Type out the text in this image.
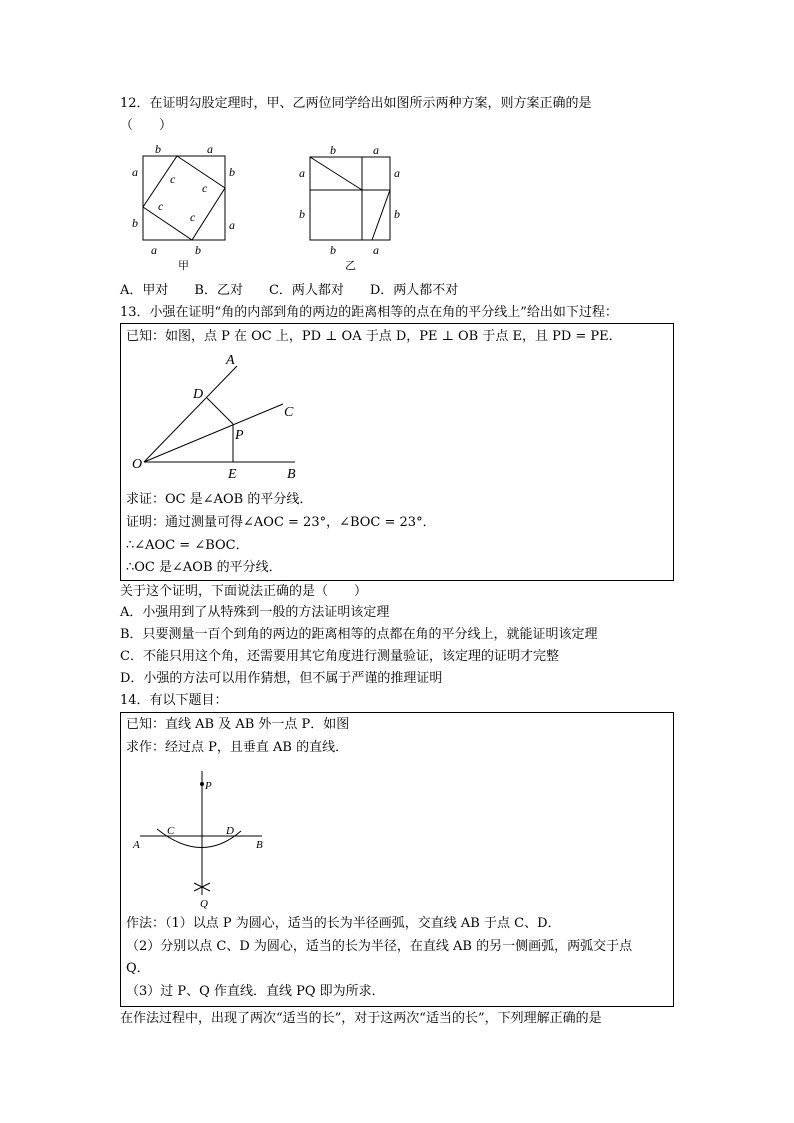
12．在证明勾股定理时，甲、乙两位同学给出如图所示两种方案，则方案正确的是
（　　）
b	a
a
b
b
a
a	b
c
c
c
c
甲
b	a
a
b
a
b
b	a
乙
A．甲对　　B．乙对　　C．两人都对　　D．两人都不对
13．小强在证明“角的内部到角的两边的距离相等的点在角的平分线上”给出如下过程：
已知：如图，点 P 在 OC 上，PD ⊥ OA 于点 D，PE ⊥ OB 于点 E，且 PD = PE．
A
D
C
P
O
E	B
求证：OC 是∠AOB 的平分线．
证明：通过测量可得∠AOC = 23°，∠BOC = 23°．
∴∠AOC = ∠BOC．
∴OC 是∠AOB 的平分线．
关于这个证明，下面说法正确的是（　　）
A．小强用到了从特殊到一般的方法证明该定理
B．只要测量一百个到角的两边的距离相等的点都在角的平分线上，就能证明该定理
C．不能只用这个角，还需要用其它角度进行测量验证，该定理的证明才完整
D．小强的方法可以用作猜想，但不属于严谨的推理证明
14．有以下题目：
已知：直线 AB 及 AB 外一点 P．如图
求作：经过点 P，且垂直 AB 的直线．
P
C	D
A	B
Q
作法：（1）以点 P 为圆心，适当的长为半径画弧，交直线 AB 于点 C、D．
（2）分别以点 C、D 为圆心，适当的长为半径，在直线 AB 的另一侧画弧，两弧交于点
Q．
（3）过 P、Q 作直线．直线 PQ 即为所求．
在作法过程中，出现了两次“适当的长”，对于这两次“适当的长”，下列理解正确的是
